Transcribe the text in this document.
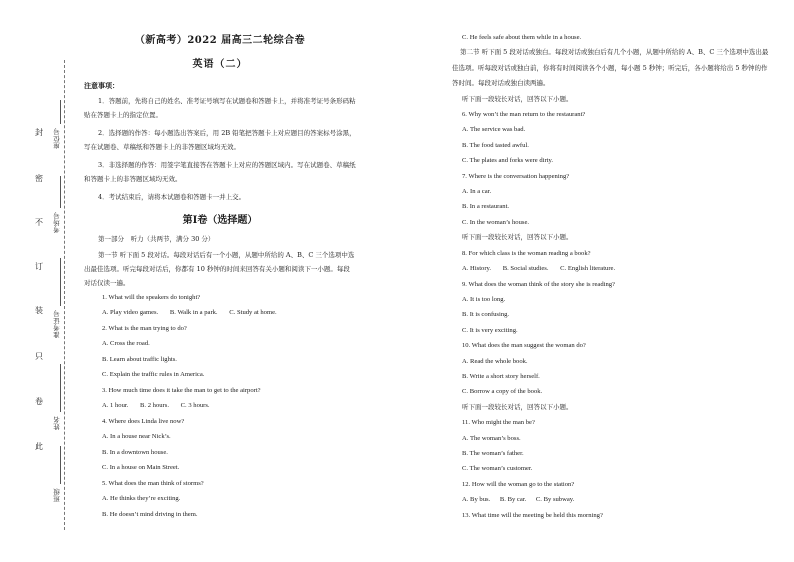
封
密
不
订
装
只
卷
此
座位号
考场号
准考证号
姓名
班级
（新高考）2022 届高三二轮综合卷
英语（二）
注意事项：

1．答题前，先将自己的姓名、准考证号填写在试题卷和答题卡上，并将准考证号条形码粘贴在答题卡上的指定位置。

2．选择题的作答：每小题选出答案后，用 2B 铅笔把答题卡上对应题目的答案标号涂黑，写在试题卷、草稿纸和答题卡上的非答题区域均无效。

3．非选择题的作答：用签字笔直接答在答题卡上对应的答题区域内。写在试题卷、草稿纸和答题卡上的非答题区域均无效。

4．考试结束后，请将本试题卷和答题卡一并上交。

第Ⅰ卷（选择题）

第一部分　听力（共两节，满分 30 分）

第一节 听下面 5 段对话。每段对话后有一个小题，从题中所给的 A、B、C 三个选项中选出最佳选项。听完每段对话后，你都有 10 秒钟的时间来回答有关小题和阅读下一小题。每段对话仅读一遍。

1. What will the speakers do tonight?

A. Play video games. B. Walk in a park. C. Study at home.

2. What is the man trying to do?

A. Cross the road.

B. Learn about traffic lights.

C. Explain the traffic rules in America.

3. How much time does it take the man to get to the airport?

A. 1 hour. B. 2 hours. C. 3 hours.

4. Where does Linda live now?

A. In a house near Nick’s.

B. In a downtown house.

C. In a house on Main Street.

5. What does the man think of storms?

A. He thinks they’re exciting.

B. He doesn’t mind driving in them.

C. He feels safe about them while in a house.

第二节 听下面 5 段对话或独白。每段对话或独白后有几个小题，从题中所给的 A、B、C 三个选项中选出最佳选项。听每段对话或独白前，你将有时间阅读各个小题，每小题 5 秒钟；听完后，各小题将给出 5 秒钟的作答时间。每段对话或独白读两遍。

听下面一段较长对话，回答以下小题。

6. Why won’t the man return to the restaurant?

A. The service was bad.

B. The food tasted awful.

C. The plates and forks were dirty.

7. Where is the conversation happening?

A. In a car.

B. In a restaurant.

C. In the woman’s house.

听下面一段较长对话，回答以下小题。

8. For which class is the woman reading a book?

A. History. B. Social studies. C. English literature.

9. What does the woman think of the story she is reading?

A. It is too long.

B. It is confusing.

C. It is very exciting.

10. What does the man suggest the woman do?

A. Read the whole book.

B. Write a short story herself.

C. Borrow a copy of the book.

听下面一段较长对话，回答以下小题。

11. Who might the man be?

A. The woman’s boss.

B. The woman’s father.

C. The woman’s customer.

12. How will the woman go to the station?

A. By bus. B. By car. C. By subway.

13. What time will the meeting be held this morning?
